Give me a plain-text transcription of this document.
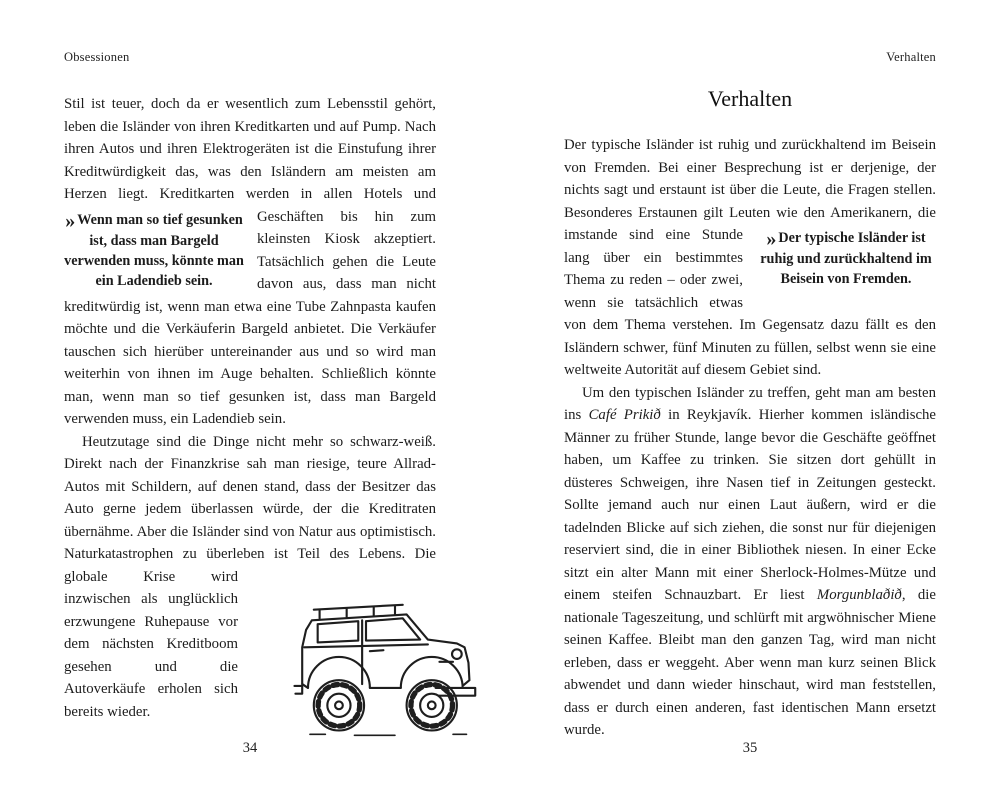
Obsessionen

Stil ist teuer, doch da er wesentlich zum Lebensstil gehört, leben die Isländer von ihren Kreditkarten und auf Pump. Nach ihren Autos und ihren Elektrogeräten ist die Einstufung ihrer Kreditwürdigkeit das, was den Isländern am meisten am Herzen liegt. Kreditkarten werden in allen Hotels und
» Wenn man so tief gesunken ist, dass man Bargeld verwenden muss, könnte man ein Ladendieb sein.
Geschäften bis hin zum kleinsten Kiosk akzeptiert. Tatsächlich gehen die Leute davon aus, dass man nicht kreditwürdig ist, wenn man etwa eine Tube Zahnpasta kaufen möchte und die Verkäuferin Bargeld anbietet. Die Verkäufer tauschen sich hierüber untereinander aus und so wird man weiterhin von ihnen im Auge behalten. Schließlich könnte man, wenn man so tief gesunken ist, dass man Bargeld verwenden muss, ein Ladendieb sein.

Heutzutage sind die Dinge nicht mehr so schwarz-weiß. Direkt nach der Finanzkrise sah man riesige, teure Allrad-Autos mit Schildern, auf denen stand, dass der Besitzer das Auto gerne jedem überlassen würde, der die Kreditraten übernähme. Aber die Isländer sind von Natur aus optimistisch. Naturkatastrophen zu überleben ist Teil des Lebens. Die
globale Krise wird inzwischen als unglücklich erzwungene Ruhepause vor dem nächsten Kreditboom gesehen und die Autoverkäufe erholen sich bereits wieder.

34
Verhalten
Verhalten

Der typische Isländer ist ruhig und zurückhaltend im Beisein von Fremden. Bei einer Besprechung ist er derjenige, der nichts sagt und erstaunt ist über die Leute, die Fragen stellen. Besonderes Erstaunen gilt Leuten wie den Amerikanern, die
» Der typische Isländer ist ruhig und zurückhaltend im Beisein von Fremden.
imstande sind eine Stunde lang über ein bestimmtes Thema zu reden – oder zwei, wenn sie tatsächlich etwas von dem Thema verstehen. Im Gegensatz dazu fällt es den Isländern schwer, fünf Minuten zu füllen, selbst wenn sie eine weltweite Autorität auf diesem Gebiet sind.

Um den typischen Isländer zu treffen, geht man am besten ins Café Prikið in Reykjavík. Hierher kommen isländische Männer zu früher Stunde, lange bevor die Geschäfte geöffnet haben, um Kaffee zu trinken. Sie sitzen dort gehüllt in düsteres Schweigen, ihre Nasen tief in Zeitungen gesteckt. Sollte jemand auch nur einen Laut äußern, wird er die tadelnden Blicke auf sich ziehen, die sonst nur für diejenigen reserviert sind, die in einer Bibliothek niesen. In einer Ecke sitzt ein alter Mann mit einer Sherlock-Holmes-Mütze und einem steifen Schnauzbart. Er liest Morgunblaðið, die nationale Tageszeitung, und schlürft mit argwöhnischer Miene seinen Kaffee. Bleibt man den ganzen Tag, wird man nicht erleben, dass er weggeht. Aber wenn man kurz seinen Blick abwendet und dann wieder hinschaut, wird man feststellen, dass er durch einen anderen, fast identischen Mann ersetzt wurde.

35
